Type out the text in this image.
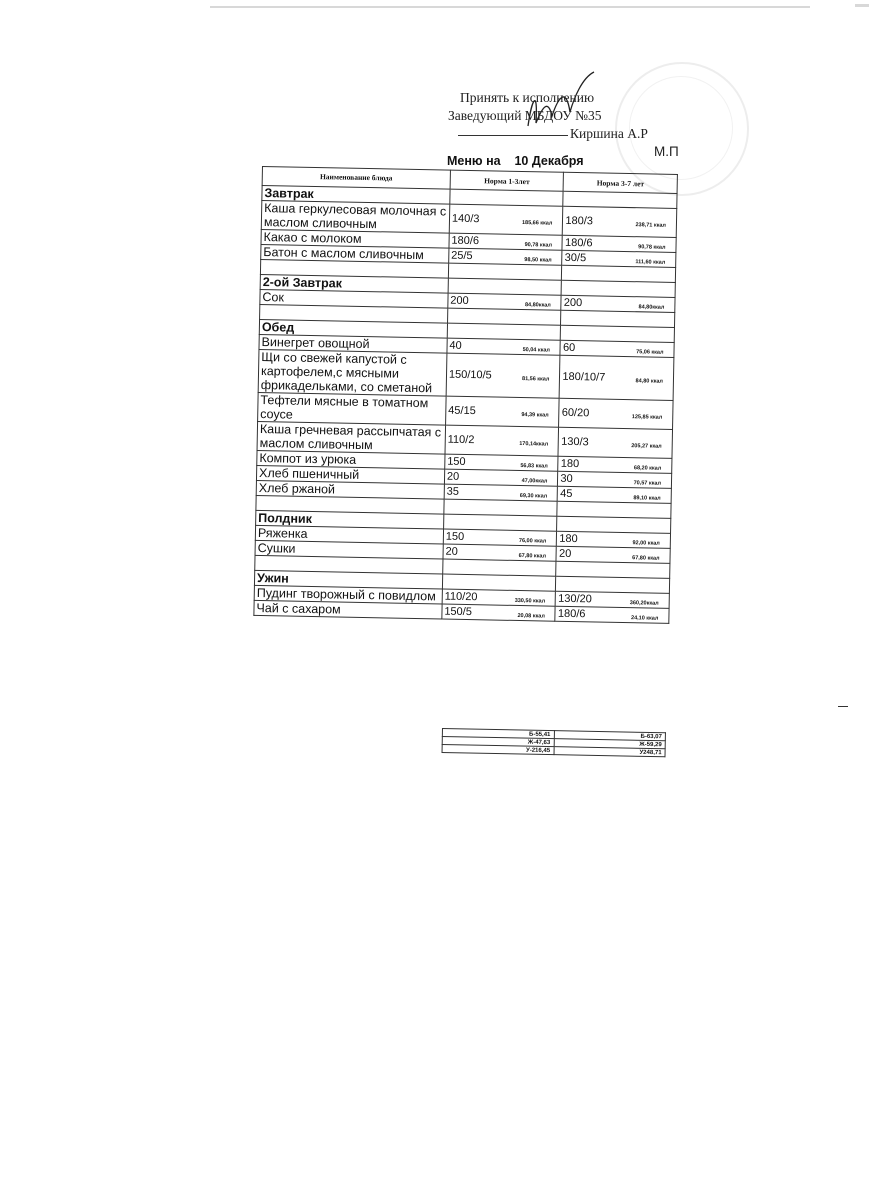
Принять к исполнению
Заведующий МБДОУ №35
Киршина А.Р
М.П
Меню на 10 Декабря
Наименование блюда	Норма 1-3лет	Норма 3-7 лет
Завтрак		
Каша геркулесовая молочная с маслом сливочным	140/3 185,66 ккал	180/3 238,71 ккал

Какао с молоком	180/6 90,78 ккал	180/6 90,78 ккал

Батон с маслом сливочным	25/5 98,50 ккал	30/5 111,60 ккал

2-ой Завтрак		
Сок	200 84,80ккал	200 84,80ккал

Обед		
Винегрет овощной	40 50,04 ккал	60 75,06 ккал

Щи со свежей капустой с картофелем,с мясными фрикадельками, со сметаной	150/10/5 81,56 ккал	180/10/7 84,80 ккал

Тефтели мясные в томатном соусе	45/15 94,39 ккал	60/20 125,85 ккал

Каша гречневая рассыпчатая с маслом сливочным	110/2 170,14ккал	130/3 205,27 ккал

Компот из урюка	150 56,83 ккал	180 68,20 ккал

Хлеб пшеничный	20 47,00ккал	30 70,57 ккал

Хлеб ржаной	35 69,30 ккал	45 89,10 ккал

Полдник		
Ряженка	150 76,00 ккал	180 92,00 ккал

Сушки	20 67,80 ккал	20 67,80 ккал

Ужин		
Пудинг творожный с повидлом	110/20 330,50 ккал	130/20 360,20ккал

Чай с сахаром	150/5 20,08 ккал	180/6 24,10 ккал
Б-55,41	Б-63,07
Ж-47,63	Ж-59,29
У-216,45	У248,71
